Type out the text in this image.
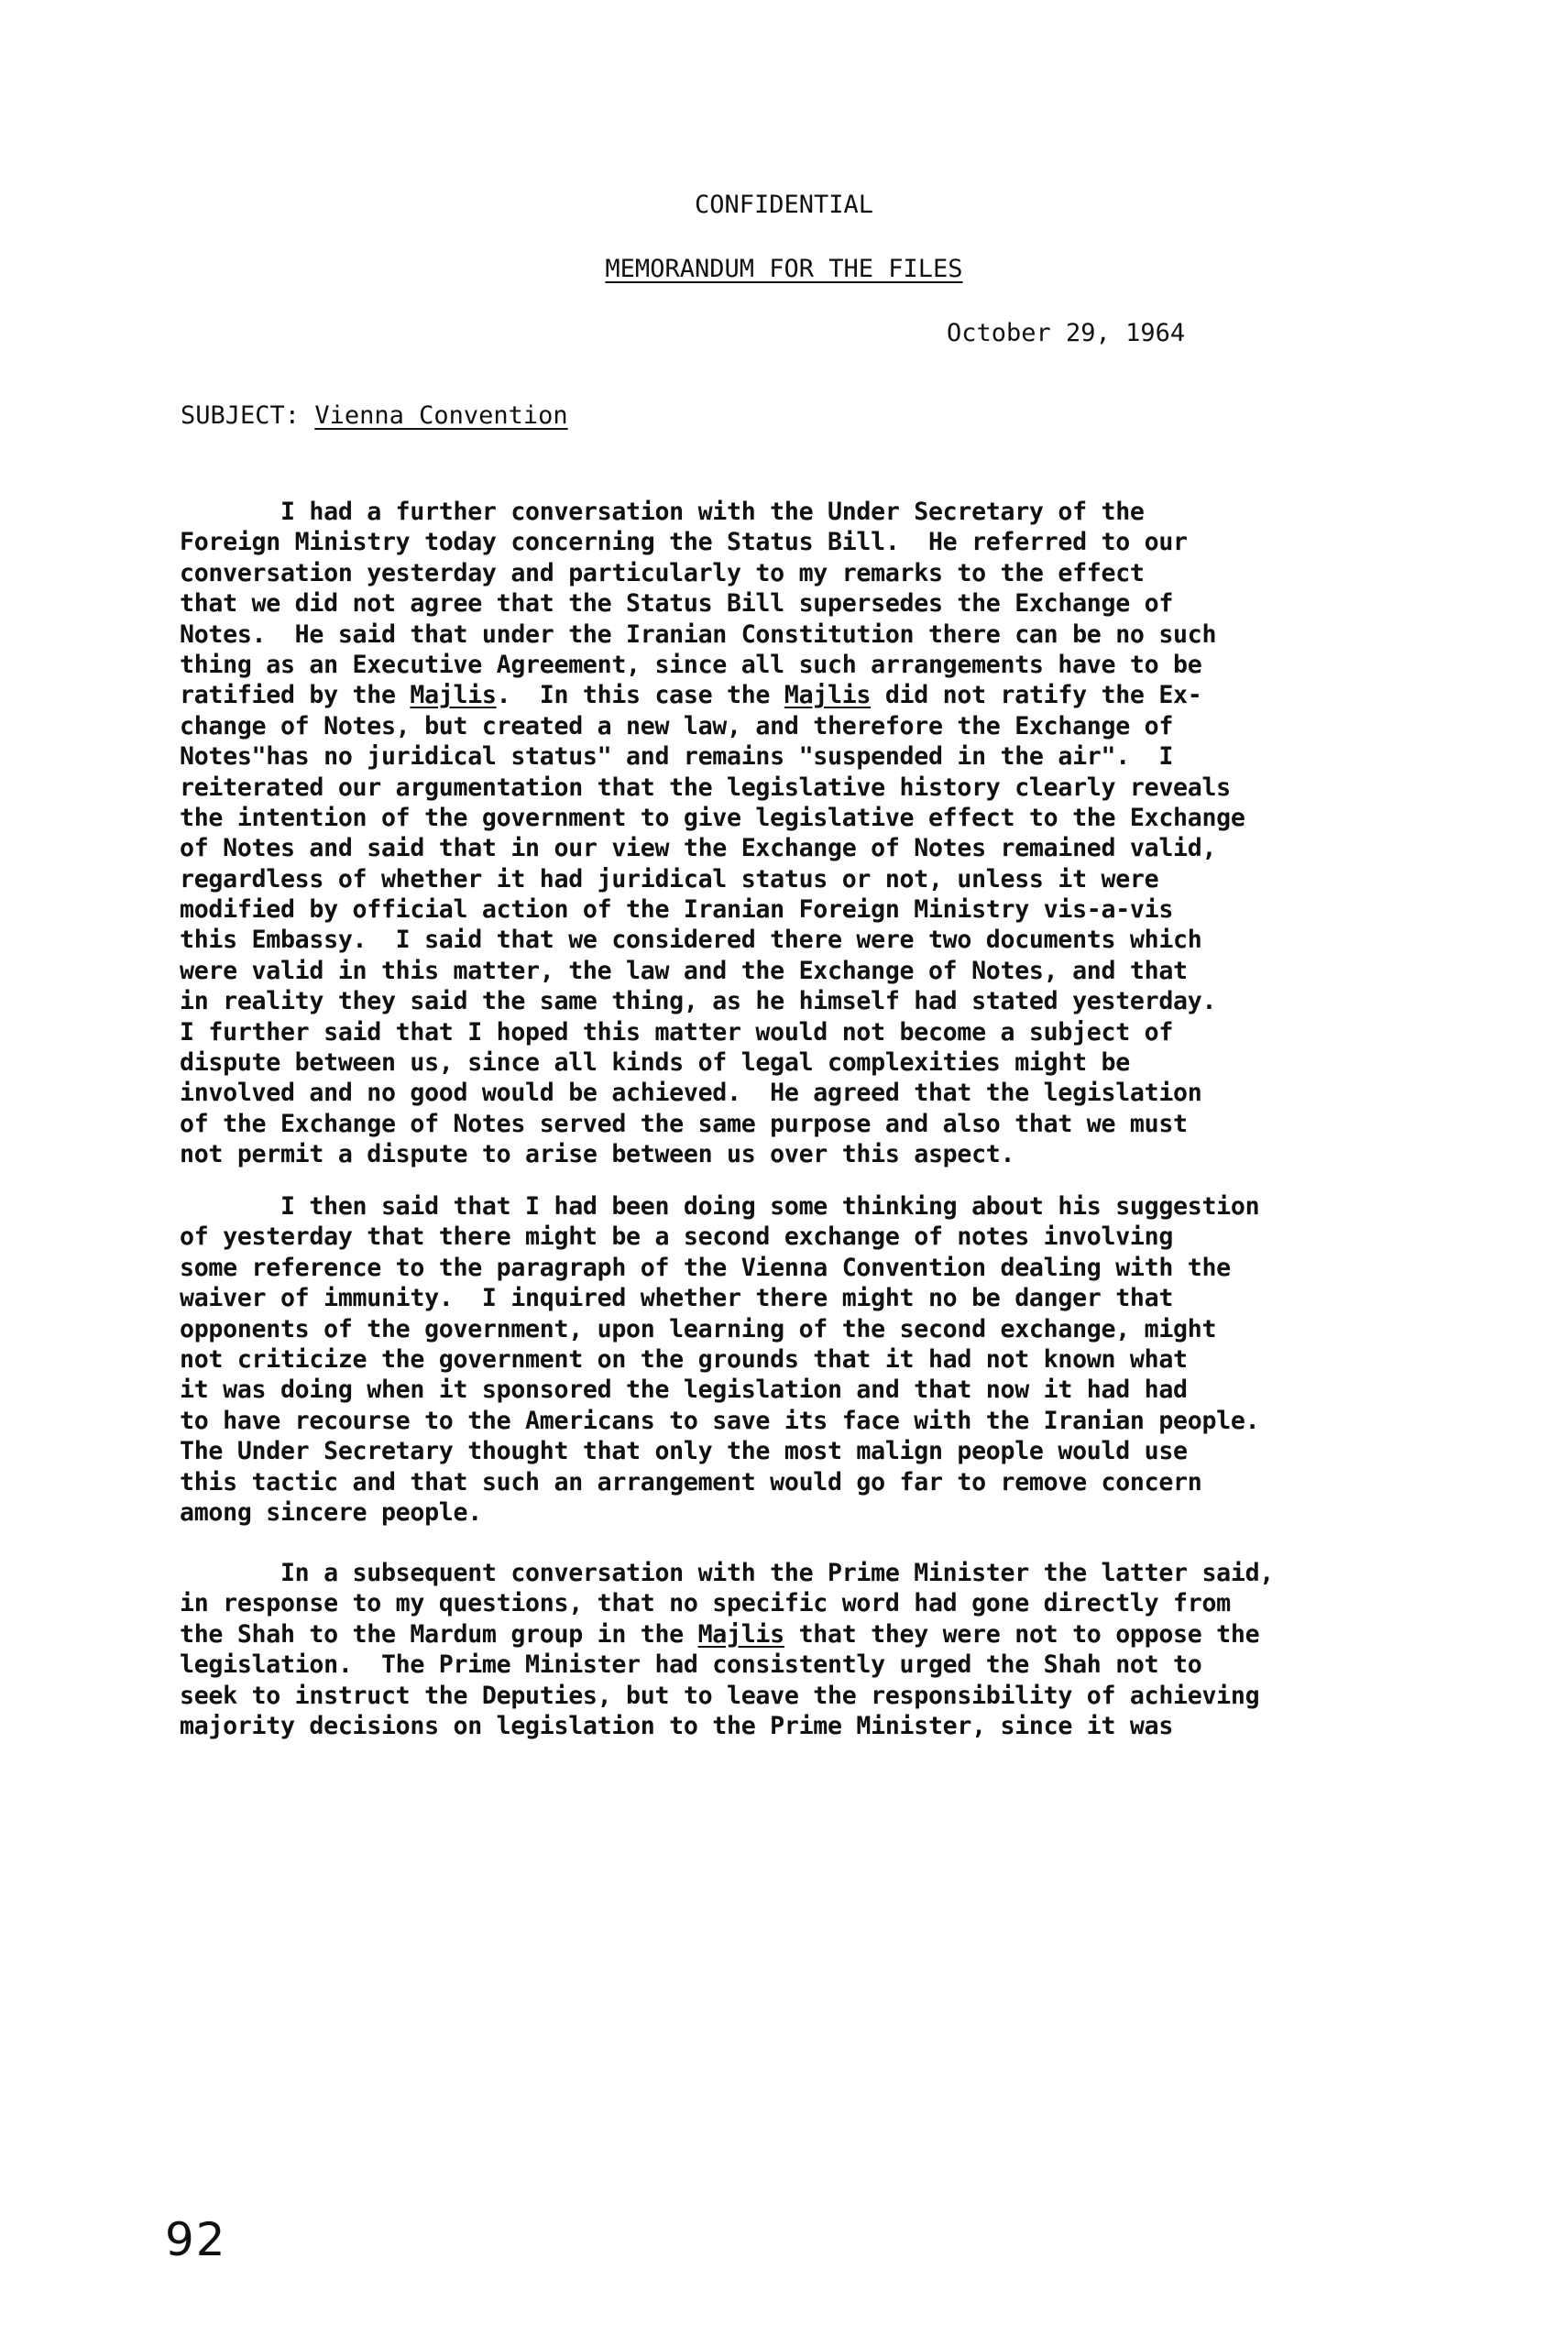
CONFIDENTIAL
MEMORANDUM FOR THE FILES
October 29, 1964
SUBJECT: Vienna Convention
I had a further conversation with the Under Secretary of the
Foreign Ministry today concerning the Status Bill.  He referred to our
conversation yesterday and particularly to my remarks to the effect
that we did not agree that the Status Bill supersedes the Exchange of
Notes.  He said that under the Iranian Constitution there can be no such
thing as an Executive Agreement, since all such arrangements have to be
ratified by the Majlis.  In this case the Majlis did not ratify the Ex-
change of Notes, but created a new law, and therefore the Exchange of
Notes"has no juridical status" and remains "suspended in the air".  I
reiterated our argumentation that the legislative history clearly reveals
the intention of the government to give legislative effect to the Exchange
of Notes and said that in our view the Exchange of Notes remained valid,
regardless of whether it had juridical status or not, unless it were
modified by official action of the Iranian Foreign Ministry vis-a-vis
this Embassy.  I said that we considered there were two documents which
were valid in this matter, the law and the Exchange of Notes, and that
in reality they said the same thing, as he himself had stated yesterday.
I further said that I hoped this matter would not become a subject of
dispute between us, since all kinds of legal complexities might be
involved and no good would be achieved.  He agreed that the legislation
of the Exchange of Notes served the same purpose and also that we must
not permit a dispute to arise between us over this aspect.
I then said that I had been doing some thinking about his suggestion
of yesterday that there might be a second exchange of notes involving
some reference to the paragraph of the Vienna Convention dealing with the
waiver of immunity.  I inquired whether there might no be danger that
opponents of the government, upon learning of the second exchange, might
not criticize the government on the grounds that it had not known what
it was doing when it sponsored the legislation and that now it had had
to have recourse to the Americans to save its face with the Iranian people.
The Under Secretary thought that only the most malign people would use
this tactic and that such an arrangement would go far to remove concern
among sincere people.
In a subsequent conversation with the Prime Minister the latter said,
in response to my questions, that no specific word had gone directly from
the Shah to the Mardum group in the Majlis that they were not to oppose the
legislation.  The Prime Minister had consistently urged the Shah not to
seek to instruct the Deputies, but to leave the responsibility of achieving
majority decisions on legislation to the Prime Minister, since it was
92
